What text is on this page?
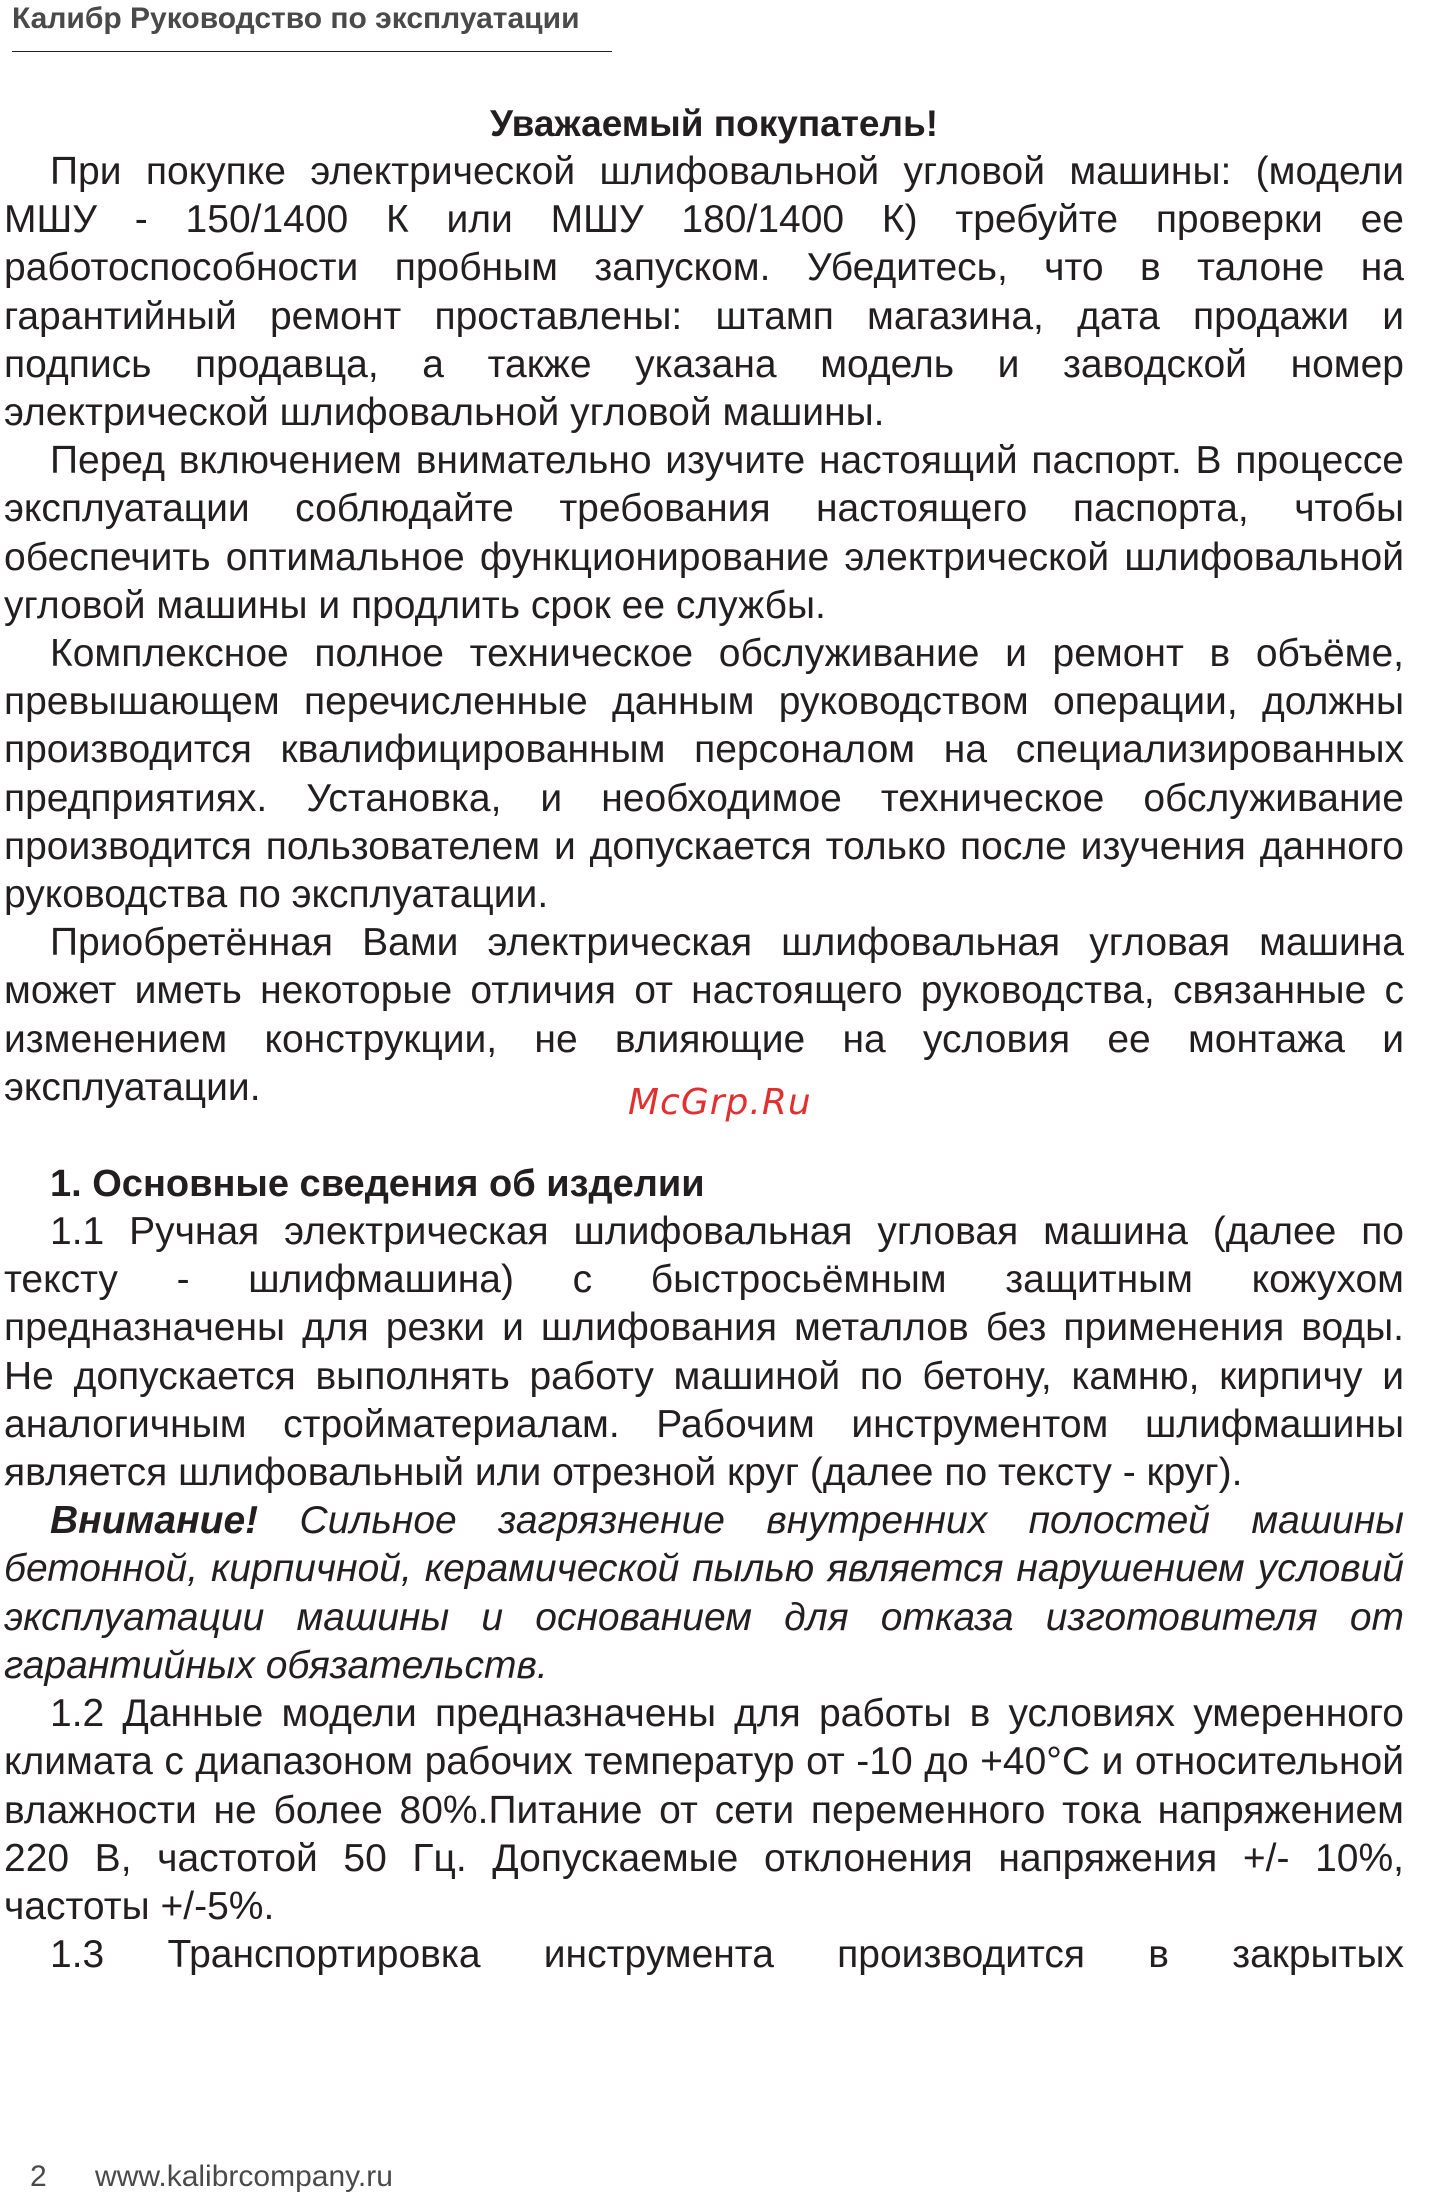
Калибр Руководство по эксплуатации
Уважаемый покупатель!

При покупке электрической шлифовальной угловой машины: (модели МШУ - 150/1400 К или МШУ 180/1400 К) требуйте проверки ее работоспособности пробным запуском. Убедитесь, что в талоне на гарантийный ремонт проставлены: штамп магазина, дата продажи и подпись продавца, а также указана модель и заводской номер электрической шлифовальной угловой машины.

Перед включением внимательно изучите настоящий паспорт. В процессе эксплуатации соблюдайте требования настоящего паспорта, чтобы обеспечить оптимальное функционирование электрической шлифовальной угловой машины и продлить срок ее службы.

Комплексное полное техническое обслуживание и ремонт в объёме, превышающем перечисленные данным руководством операции, должны производится квалифицированным персоналом на специализированных предприятиях. Установка, и необходимое техническое обслуживание производится пользователем и допускается только после изучения данного руководства по эксплуатации.

Приобретённая Вами электрическая шлифовальная угловая машина может иметь некоторые отличия от настоящего руководства, связанные с изменением конструкции, не влияющие на условия ее монтажа и эксплуатации.

1. Основные сведения об изделии

1.1 Ручная электрическая шлифовальная угловая машина (далее по тексту - шлифмашина) с быстросьёмным защитным кожухом предназначены для резки и шлифования металлов без применения воды. Не допускается выполнять работу машиной по бетону, камню, кирпичу и аналогичным стройматериалам. Рабочим инструментом шлифмашины является шлифовальный или отрезной круг (далее по тексту - круг).

Внимание! Сильное загрязнение внутренних полостей машины бетонной, кирпичной, керамической пылью является нарушением условий эксплуатации машины и основанием для отказа изготовителя от гарантийных обязательств.

1.2 Данные модели предназначены для работы в условиях умеренного климата с диапазоном рабочих температур от -10 до +40°С и относительной влажности не более 80%.Питание от сети переменного тока напряжением 220 В, частотой 50 Гц. Допускаемые отклонения напряжения +/- 10%, частоты +/-5%.

1.3 Транспортировка инструмента производится в закрытых

McGrp.Ru
2 www.kalibrcompany.ru
